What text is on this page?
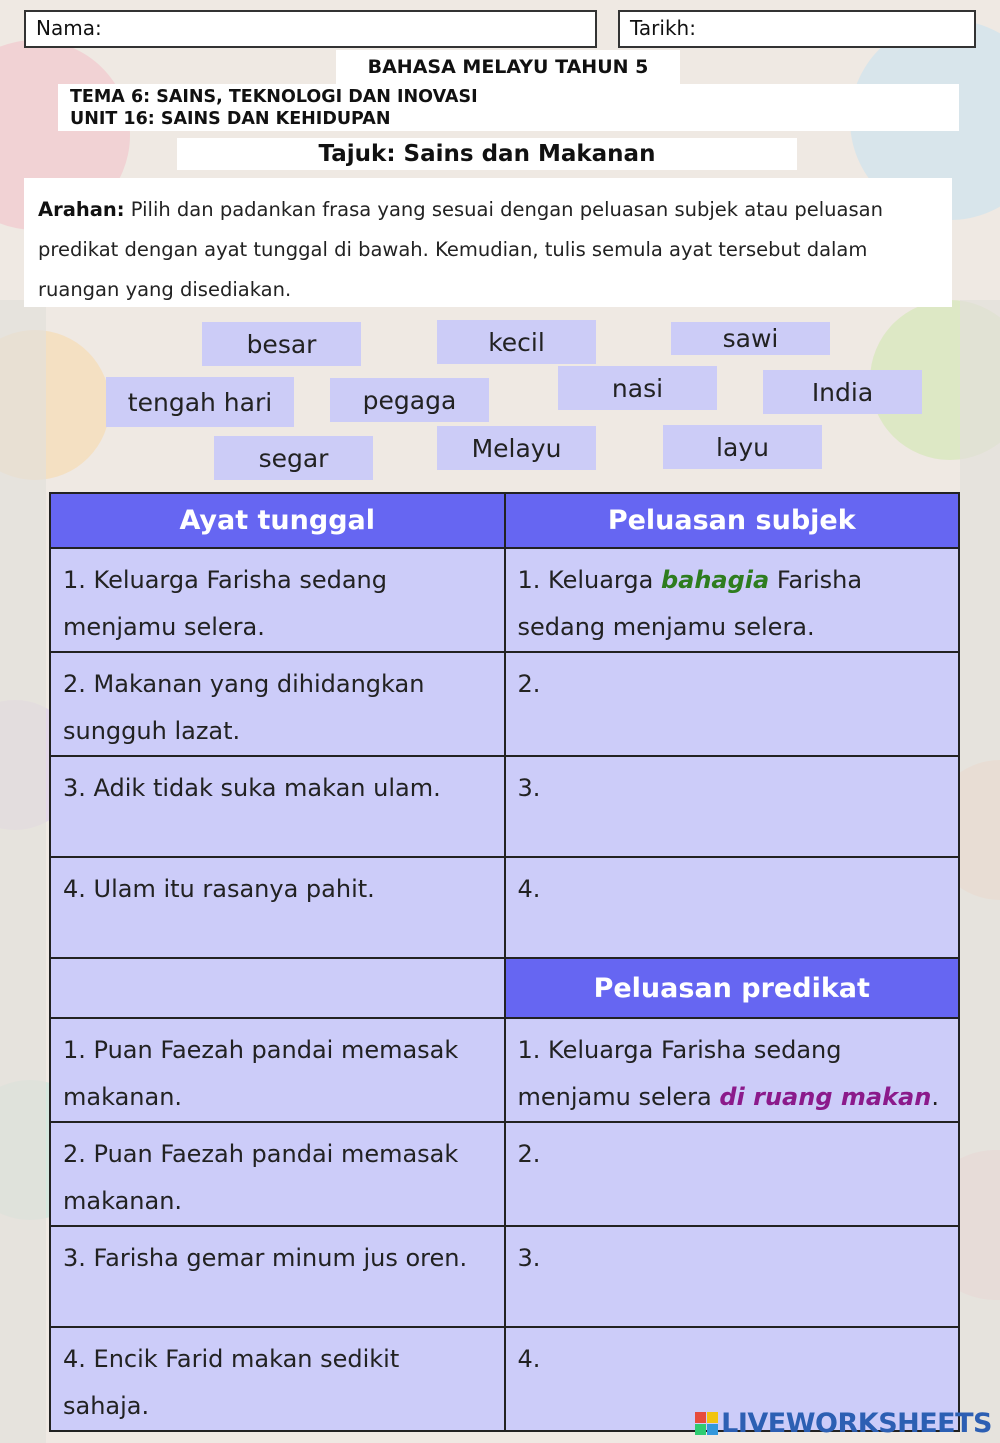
Nama:	Tarikh:
BAHASA MELAYU TAHUN 5
TEMA 6: SAINS, TEKNOLOGI DAN INOVASI
UNIT 16: SAINS DAN KEHIDUPAN
Tajuk: Sains dan Makanan
Arahan: Pilih dan padankan frasa yang sesuai dengan peluasan subjek atau peluasan predikat dengan ayat tunggal di bawah. Kemudian, tulis semula ayat tersebut dalam ruangan yang disediakan.
besar	kecil	sawi
tengah hari	pegaga	nasi	India
segar	Melayu	layu
Ayat tunggal	Peluasan subjek
1. Keluarga Farisha sedang menjamu selera.	1. Keluarga bahagia Farisha sedang menjamu selera.
2. Makanan yang dihidangkan sungguh lazat.	2.
3. Adik tidak suka makan ulam.	3.
4. Ulam itu rasanya pahit.	4.
	Peluasan predikat
1. Puan Faezah pandai memasak makanan.	1. Keluarga Farisha sedang menjamu selera di ruang makan.
2. Puan Faezah pandai memasak makanan.	2.
3. Farisha gemar minum jus oren.	3.
4. Encik Farid makan sedikit sahaja.	4.
LIVEWORKSHEETS
